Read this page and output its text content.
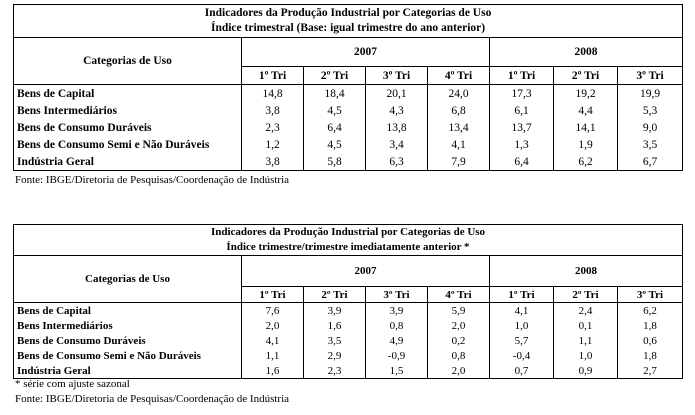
Indicadores da Produção Industrial por Categorias de Uso
Índice trimestral (Base: igual trimestre do ano anterior)							

Categorias de Uso	2007				2008		
	1º Tri	2º Tri	3º Tri	4º Tri	1º Tri	2º Tri	3º Tri
Bens de Capital	14,8	18,4	20,1	24,0	17,3	19,2	19,9
Bens Intermediários	3,8	4,5	4,3	6,8	6,1	4,4	5,3
Bens de Consumo Duráveis	2,3	6,4	13,8	13,4	13,7	14,1	9,0
Bens de Consumo Semi e Não Duráveis	1,2	4,5	3,4	4,1	1,3	1,9	3,5
Indústria Geral	3,8	5,8	6,3	7,9	6,4	6,2	6,7
Fonte: IBGE/Diretoria de Pesquisas/Coordenação de Indústria
Indicadores da Produção Industrial por Categorias de Uso
Índice trimestre/trimestre imediatamente anterior *							

Categorias de Uso	2007				2008		
	1º Tri	2º Tri	3º Tri	4º Tri	1º Tri	2º Tri	3º Tri
Bens de Capital	7,6	3,9	3,9	5,9	4,1	2,4	6,2
Bens Intermediários	2,0	1,6	0,8	2,0	1,0	0,1	1,8
Bens de Consumo Duráveis	4,1	3,5	4,9	0,2	5,7	1,1	0,6
Bens de Consumo Semi e Não Duráveis	1,1	2,9	-0,9	0,8	-0,4	1,0	1,8
Indústria Geral	1,6	2,3	1,5	2,0	0,7	0,9	2,7
* série com ajuste sazonal
Fonte: IBGE/Diretoria de Pesquisas/Coordenação de Indústria
